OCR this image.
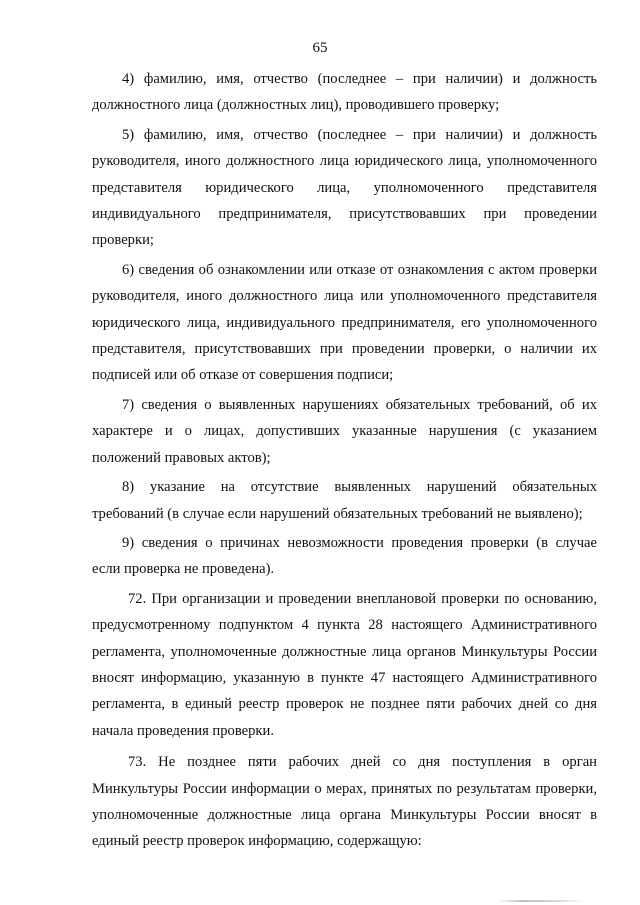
65

4) фамилию, имя, отчество (последнее – при наличии) и должность должностного лица (должностных лиц), проводившего проверку;

5) фамилию, имя, отчество (последнее – при наличии) и должность руководителя, иного должностного лица юридического лица, уполномоченного представителя юридического лица, уполномоченного представителя индивидуального предпринимателя, присутствовавших при проведении проверки;

6) сведения об ознакомлении или отказе от ознакомления с актом проверки руководителя, иного должностного лица или уполномоченного представителя юридического лица, индивидуального предпринимателя, его уполномоченного представителя, присутствовавших при проведении проверки, о наличии их подписей или об отказе от совершения подписи;

7) сведения о выявленных нарушениях обязательных требований, об их характере и о лицах, допустивших указанные нарушения (с указанием положений правовых актов);

8) указание на отсутствие выявленных нарушений обязательных требований (в случае если нарушений обязательных требований не выявлено);

9) сведения о причинах невозможности проведения проверки (в случае если проверка не проведена).

72. При организации и проведении внеплановой проверки по основанию, предусмотренному подпунктом 4 пункта 28 настоящего Административного регламента, уполномоченные должностные лица органов Минкультуры России вносят информацию, указанную в пункте 47 настоящего Административного регламента, в единый реестр проверок не позднее пяти рабочих дней со дня начала проведения проверки.

73. Не позднее пяти рабочих дней со дня поступления в орган Минкультуры России информации о мерах, принятых по результатам проверки, уполномоченные должностные лица органа Минкультуры России вносят в единый реестр проверок информацию, содержащую:
